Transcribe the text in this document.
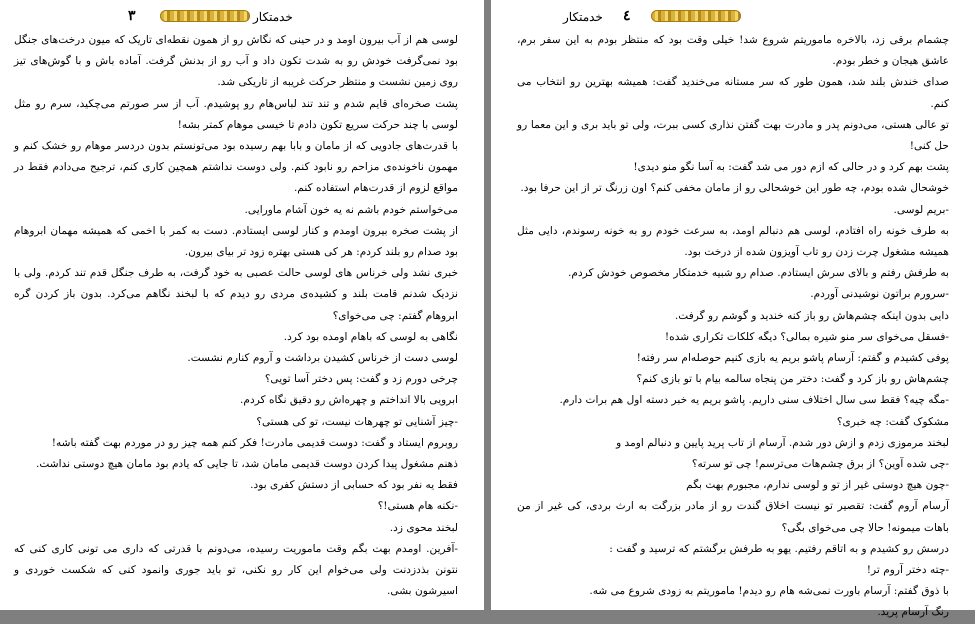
۳	خدمتکار

لوسی هم از آب بیرون اومد و در حینی که نگاش رو از همون نقطه‌ای تاریک که میون درخت‌های جنگل بود نمی‌گرفت خودش رو به شدت تکون داد و آب رو از بدنش گرفت. آماده باش و با گوش‌های تیز روی زمین نشست و منتظر حرکت غریبه از تاریکی شد.

پشت صخره‌ای قایم شدم و تند تند لباس‌هام رو پوشیدم. آب از سر صورتم می‌چکید، سرم رو مثل لوسی با چند حرکت سریع تکون دادم تا خیسی موهام کمتر بشه!

با قدرت‌های جادویی که از مامان و بابا بهم رسیده بود می‌تونستم بدون دردسر موهام رو خشک کنم و مهمون ناخونده‌ی مزاحم رو نابود کنم. ولی دوست نداشتم همچین کاری کنم، ترجیح می‌دادم فقط در مواقع لزوم از قدرت‌هام استفاده کنم.

می‌خواستم خودم باشم نه یه خون آشام ماورایی.

از پشت صخره بیرون اومدم و کنار لوسی ایستادم. دست به کمر با اخمی که همیشه مهمان ابروهام بود صدام رو بلند کردم: هر کی هستی بهتره زود تر بیای بیرون.

خبری نشد ولی خرناس های لوسی حالت عصبی به خود گرفت، به طرف جنگل قدم تند کردم. ولی با نزدیک شدنم قامت بلند و کشیده‌ی مردی رو دیدم که با لبخند نگاهم می‌کرد. بدون باز کردن گره ابروهام گفتم: چی می‌خوای؟

نگاهی به لوسی که باهام اومده بود کرد.

لوسی دست از خرناس کشیدن برداشت و آروم کنارم نشست.

چرخی دورم زد و گفت: پس دختر آسا تویی؟

ابرویی بالا انداختم و چهره‌اش رو دقیق نگاه کردم.

-چیز آشنایی تو چهرهات نیست، تو کی هستی؟

روبروم ایستاد و گفت: دوست قدیمی مادرت! فکر کنم همه چیز رو در موردم بهت گفته باشه!

ذهنم مشغول پیدا کردن دوست قدیمی مامان شد، تا جایی که یادم بود مامان هیچ دوستی نداشت.

فقط یه نفر بود که حسابی از دستش کفری بود.

-نکنه هام هستی!؟

لبخند محوی زد.

-آفرین. اومدم بهت بگم وقت ماموریت رسیده، می‌دونم با قدرتی که داری می تونی کاری کنی که نتونن بذدزدنت ولی می‌خوام این کار رو نکنی، تو باید جوری وانمود کنی که شکست خوردی و اسیرشون بشی.

خدمتکار ٤

چشمام برقی زد، بالاخره ماموریتم شروع شد! خیلی وقت بود که منتظر بودم به این سفر برم، عاشق هیجان و خطر بودم.

صدای خندش بلند شد، همون طور که سر مستانه می‌خندید گفت: همیشه بهترین رو انتخاب می کنم.

تو عالی هستی، می‌دونم پدر و مادرت بهت گفتن نذاری کسی ببرت، ولی تو باید بری و این معما رو حل کنی!

پشت بهم کرد و در حالی که ازم دور می شد گفت: به آسا نگو منو دیدی!

خوشحال شده بودم، چه طور این خوشحالی رو از مامان مخفی کنم؟ اون زرنگ تر از این حرفا بود.

-بریم لوسی.

به طرف خونه راه افتادم، لوسی هم دنبالم اومد، به سرعت خودم رو به خونه رسوندم، دایی مثل همیشه مشغول چرت زدن رو تاب آویزون شده از درخت بود.

به طرفش رفتم و بالای سرش ایستادم. صدام رو شبیه خدمتکار مخصوص خودش کردم.

-سرورم براتون نوشیدنی آوردم.

دایی بدون اینکه چشم‌هاش رو باز کنه خندید و گوشم رو گرفت.

-فسقل می‌خوای سر منو شیره بمالی؟ دیگه کلکات تکراری شده!

پوفی کشیدم و گفتم: آرسام پاشو بریم یه بازی کنیم حوصله‌ام سر رفته!

چشم‌هاش رو باز کرد و گفت: دختر من پنجاه سالمه بیام با تو بازی کنم؟

-مگه چیه؟ فقط سی سال اختلاف سنی داریم. پاشو بریم یه خبر دسته اول هم برات دارم.

مشکوک گفت: چه خبری؟

لبخند مرموزی زدم و ازش دور شدم. آرسام از تاب پرید پایین و دنبالم اومد و

-چی شده آوین؟ از برق چشم‌هات می‌ترسم! چی تو سرته؟

-چون هیچ دوستی غیر از تو و لوسی ندارم، مجبورم بهت بگم

آرسام آروم گفت: تقصیر تو نیست اخلاق گندت رو از مادر بزرگت به ارث بردی، کی غیر از من باهات میمونه! حالا چی می‌خوای بگی؟

درسش رو کشیدم و به اتاقم رفتیم. یهو به طرفش برگشتم که ترسید و گفت :

-چته دختر آروم تر!

با ذوق گفتم: آرسام باورت نمی‌شه هام رو دیدم! ماموریتم به زودی شروع می شه.

رنگ آرسام پرید.
